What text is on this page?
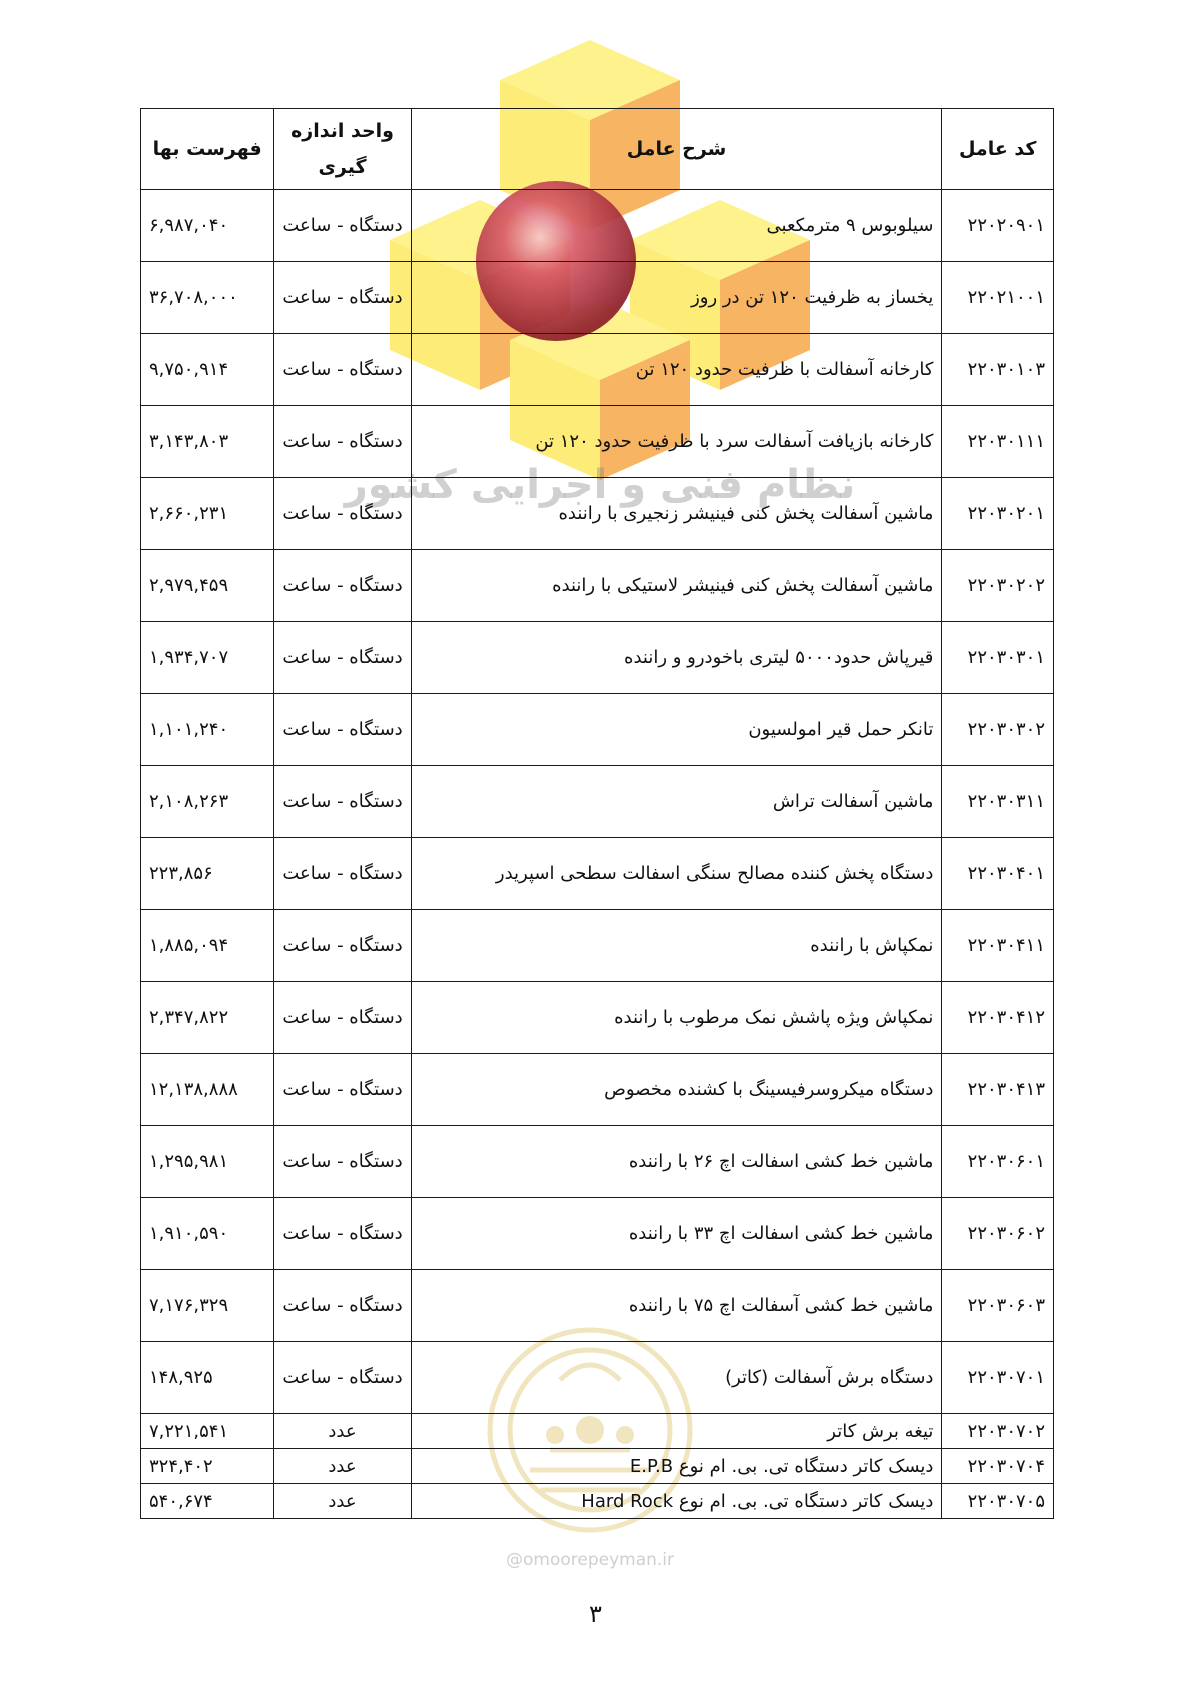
نظام فنی و اجرایی کشور
@omoorepeyman.ir
کد عامل	شرح عامل	واحد اندازه گیری	فهرست بها
۲۲۰۲۰۹۰۱	سیلوبوس ۹ مترمکعبی	دستگاه - ساعت	۶,۹۸۷,۰۴۰
۲۲۰۲۱۰۰۱	یخساز به ظرفیت ۱۲۰ تن در روز	دستگاه - ساعت	۳۶,۷۰۸,۰۰۰
۲۲۰۳۰۱۰۳	کارخانه آسفالت با ظرفیت حدود ۱۲۰ تن	دستگاه - ساعت	۹,۷۵۰,۹۱۴
۲۲۰۳۰۱۱۱	کارخانه بازیافت آسفالت سرد با ظرفیت حدود ۱۲۰ تن	دستگاه - ساعت	۳,۱۴۳,۸۰۳
۲۲۰۳۰۲۰۱	ماشین آسفالت پخش کنی فینیشر زنجیری با راننده	دستگاه - ساعت	۲,۶۶۰,۲۳۱
۲۲۰۳۰۲۰۲	ماشین آسفالت پخش کنی فینیشر لاستیکی با راننده	دستگاه - ساعت	۲,۹۷۹,۴۵۹
۲۲۰۳۰۳۰۱	قیرپاش حدود۵۰۰۰ لیتری باخودرو و راننده	دستگاه - ساعت	۱,۹۳۴,۷۰۷
۲۲۰۳۰۳۰۲	تانکر حمل قیر امولسیون	دستگاه - ساعت	۱,۱۰۱,۲۴۰
۲۲۰۳۰۳۱۱	ماشین آسفالت تراش	دستگاه - ساعت	۲,۱۰۸,۲۶۳
۲۲۰۳۰۴۰۱	دستگاه پخش کننده مصالح سنگی اسفالت سطحی اسپریدر	دستگاه - ساعت	۲۲۳,۸۵۶
۲۲۰۳۰۴۱۱	نمکپاش با راننده	دستگاه - ساعت	۱,۸۸۵,۰۹۴
۲۲۰۳۰۴۱۲	نمکپاش ویژه پاشش نمک مرطوب با راننده	دستگاه - ساعت	۲,۳۴۷,۸۲۲
۲۲۰۳۰۴۱۳	دستگاه میکروسرفیسینگ با کشنده مخصوص	دستگاه - ساعت	۱۲,۱۳۸,۸۸۸
۲۲۰۳۰۶۰۱	ماشین خط کشی اسفالت اچ ۲۶ با راننده	دستگاه - ساعت	۱,۲۹۵,۹۸۱
۲۲۰۳۰۶۰۲	ماشین خط کشی اسفالت اچ ۳۳ با راننده	دستگاه - ساعت	۱,۹۱۰,۵۹۰
۲۲۰۳۰۶۰۳	ماشین خط کشی آسفالت اچ ۷۵ با راننده	دستگاه - ساعت	۷,۱۷۶,۳۲۹
۲۲۰۳۰۷۰۱	دستگاه برش آسفالت (کاتر)	دستگاه - ساعت	۱۴۸,۹۲۵
۲۲۰۳۰۷۰۲	تیغه برش کاتر	عدد	۷,۲۲۱,۵۴۱
۲۲۰۳۰۷۰۴	دیسک کاتر دستگاه تی. بی. ام نوع E.P.B	عدد	۳۲۴,۴۰۲
۲۲۰۳۰۷۰۵	دیسک کاتر دستگاه تی. بی. ام نوع Hard Rock	عدد	۵۴۰,۶۷۴
۳
